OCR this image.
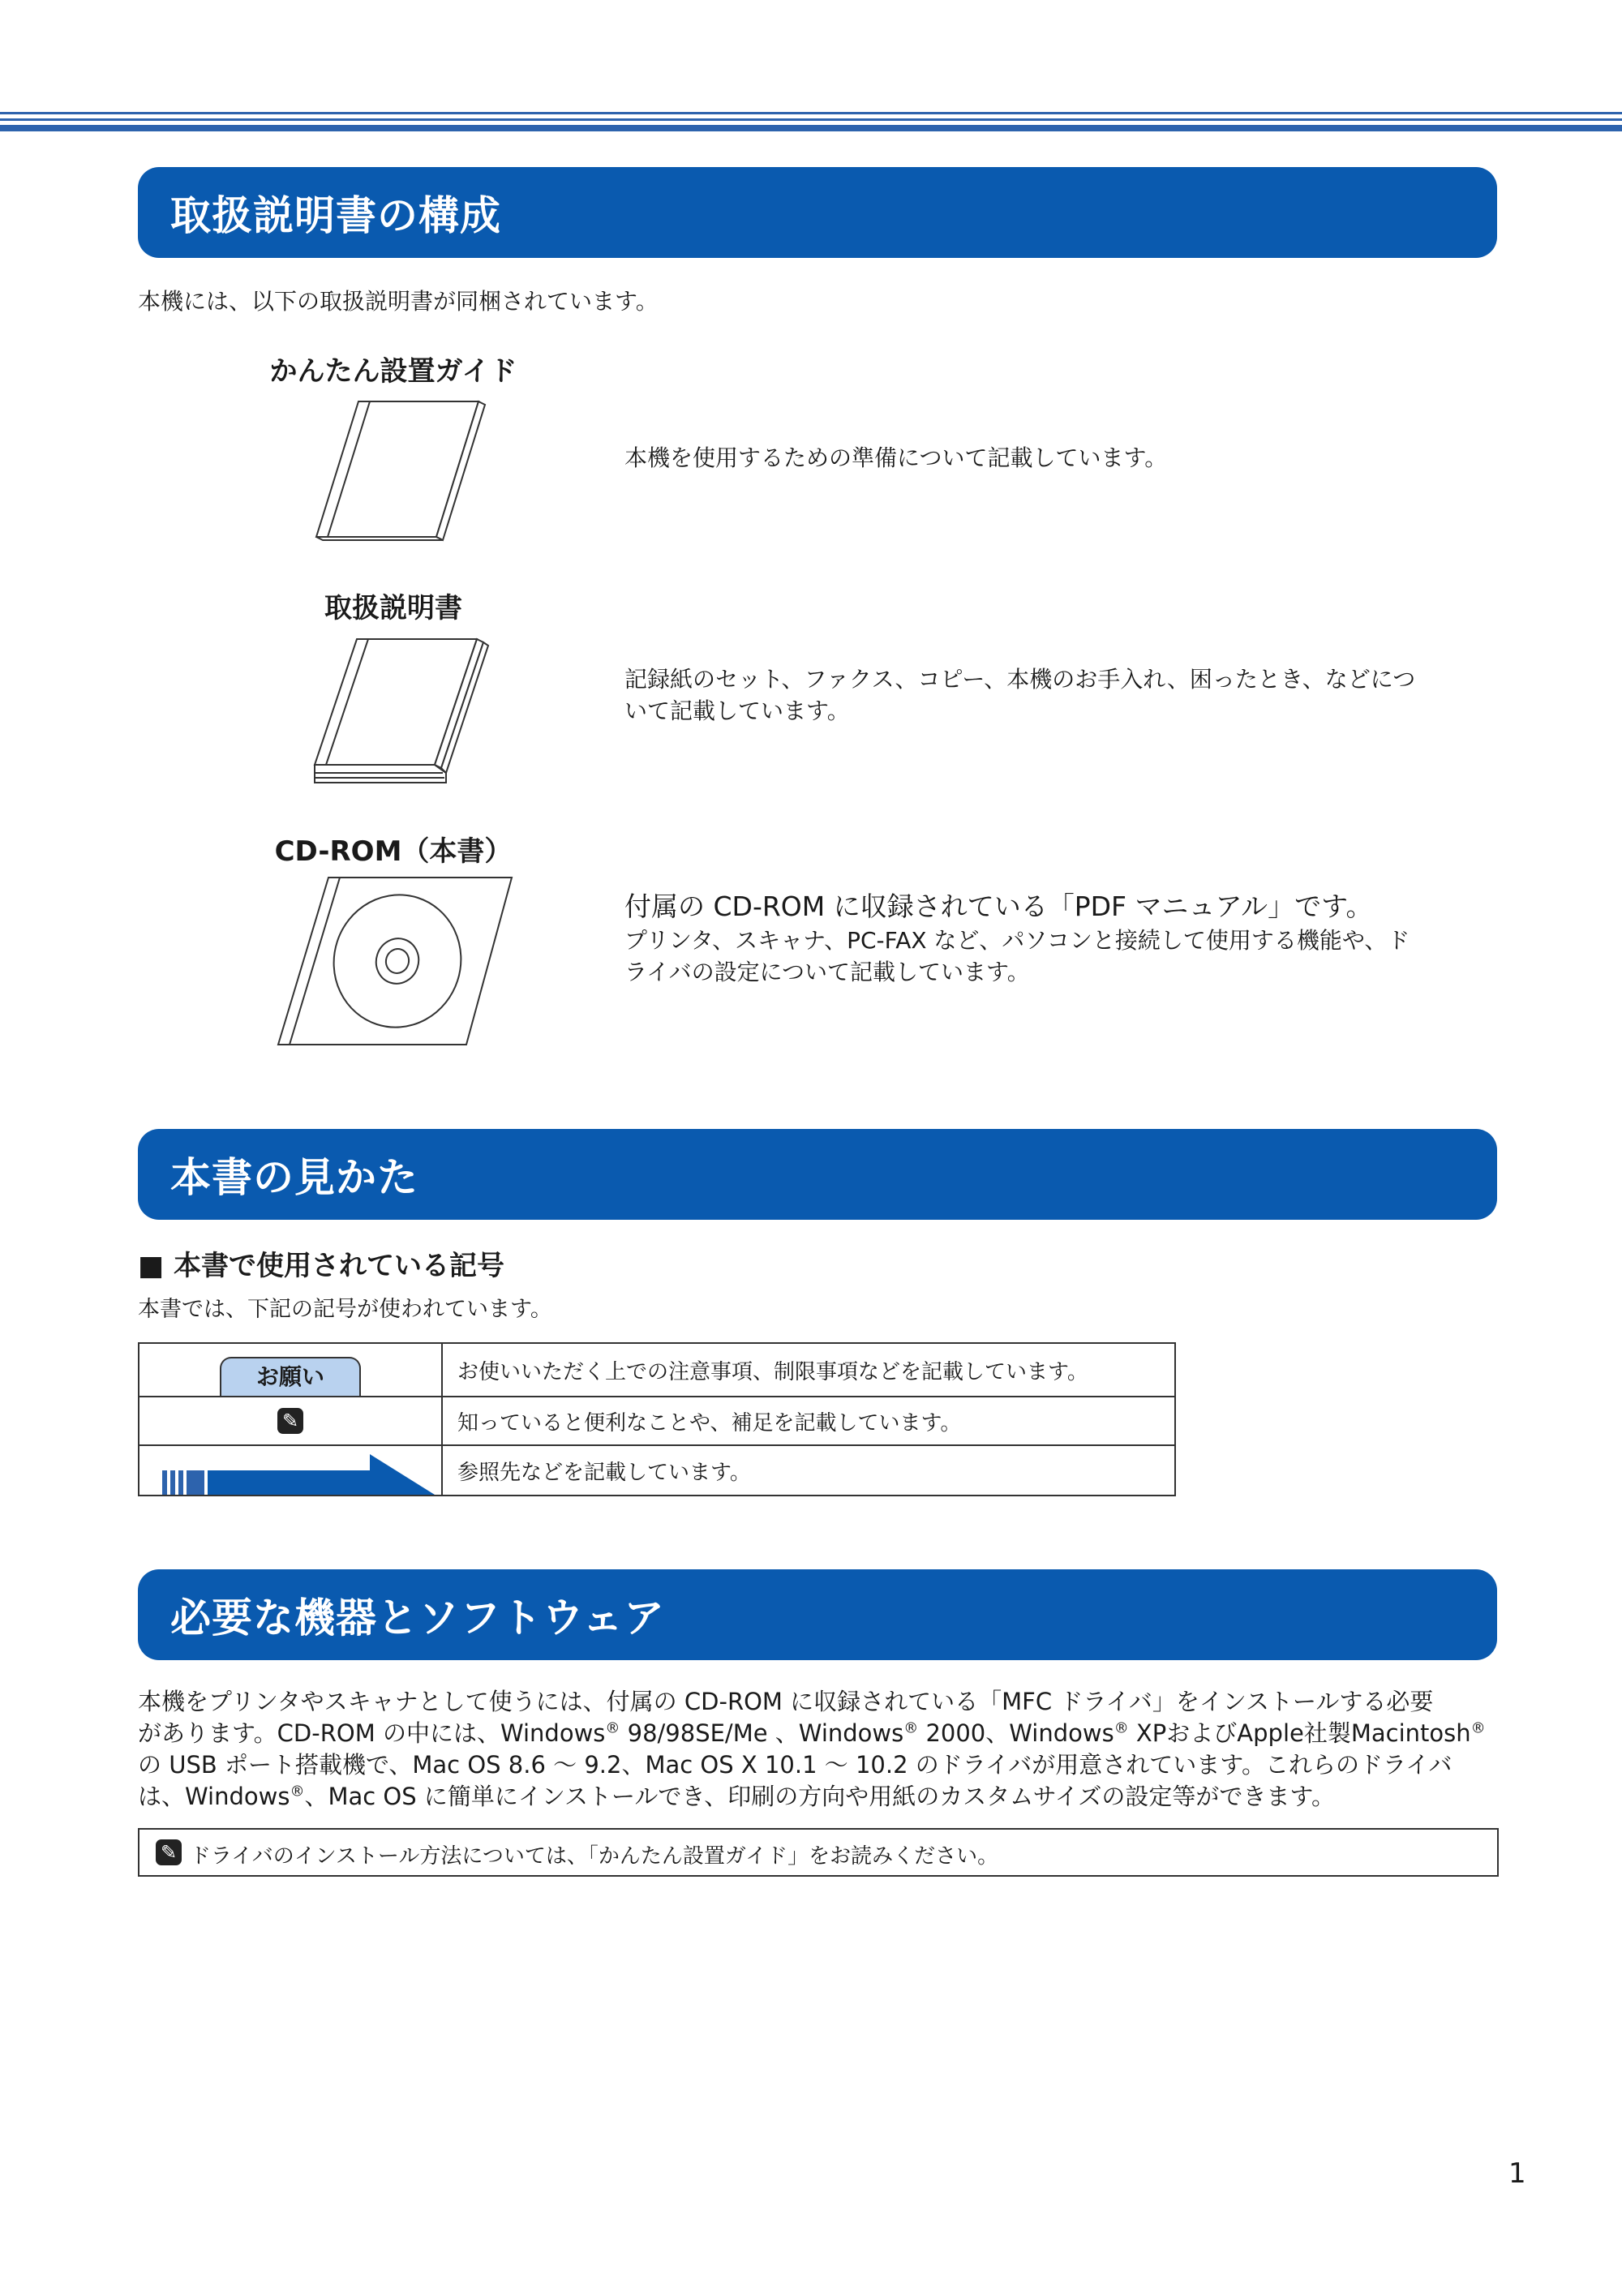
取扱説明書の構成
本機には、以下の取扱説明書が同梱されています。
かんたん設置ガイド
本機を使用するための準備について記載しています。
取扱説明書
記録紙のセット、ファクス、コピー、本機のお手入れ、困ったとき、などにつ
いて記載しています。
CD-ROM（本書）
付属の CD-ROM に収録されている「PDF マニュアル」です。
プリンタ、スキャナ、PC-FAX など、パソコンと接続して使用する機能や、ド
ライバの設定について記載しています。
本書の見かた
■ 本書で使用されている記号
本書では、下記の記号が使われています。
お願い	お使いいただく上での注意事項、制限事項などを記載しています。
✎	知っていると便利なことや、補足を記載しています。

	参照先などを記載しています。
必要な機器とソフトウェア
本機をプリンタやスキャナとして使うには、付属の CD-ROM に収録されている「MFC ドライバ」をインストールする必要
があります。CD-ROM の中には、Windows® 98/98SE/Me 、Windows® 2000、Windows® XPおよびApple社製Macintosh®
の USB ポート搭載機で、Mac OS 8.6 〜 9.2、Mac OS X 10.1 〜 10.2 のドライバが用意されています。これらのドライバ
は、Windows®、Mac OS に簡単にインストールでき、印刷の方向や用紙のカスタムサイズの設定等ができます。
✎ ドライバのインストール方法については、「かんたん設置ガイド」をお読みください。
1
